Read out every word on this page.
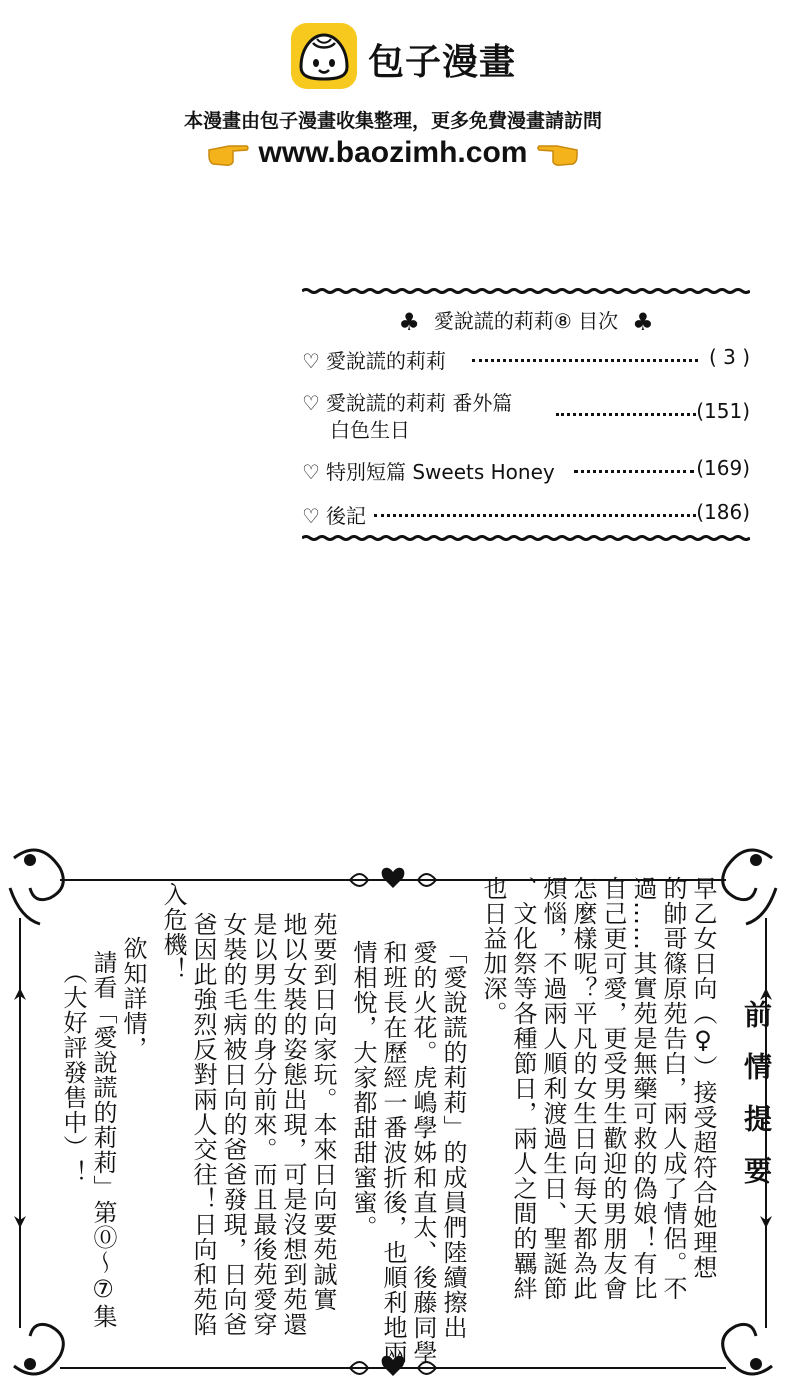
包子漫畫
本漫畫由包子漫畫收集整理，更多免費漫畫請訪問
www.baozimh.com
♣ 愛說謊的莉莉⑧ 目次 ♣
♡ 愛說謊的莉莉	( 3 )
♡ 愛說謊的莉莉 番外篇	(151)
白色生日
♡ 特別短篇 Sweets Honey	(169)
♡ 後記	(186)
前情提要
早乙女日向（♀）接受超符合她理想
的帥哥篠原苑告白，兩人成了情侶。不
過……其實苑是無藥可救的偽娘！有比
自己更可愛，更受男生歡迎的男朋友會
怎麼樣呢？平凡的女生日向每天都為此
煩惱，不過兩人順利渡過生日、聖誕節
、文化祭等各種節日，兩人之間的羈絆
也日益加深。
「愛說謊的莉莉」的成員們陸續擦出
愛的火花。虎嶋學姊和直太、後藤同學
和班長在歷經一番波折後，也順利地兩
情相悅，大家都甜甜蜜蜜。
苑要到日向家玩。本來日向要苑誠實
地以女裝的姿態出現，可是沒想到苑還
是以男生的身分前來。而且最後苑愛穿
女裝的毛病被日向的爸爸發現，日向爸
爸因此強烈反對兩人交往！日向和苑陷
入危機！
欲知詳情，
請看「愛說謊的莉莉」第⓪～⑦集
（大好評發售中）！
